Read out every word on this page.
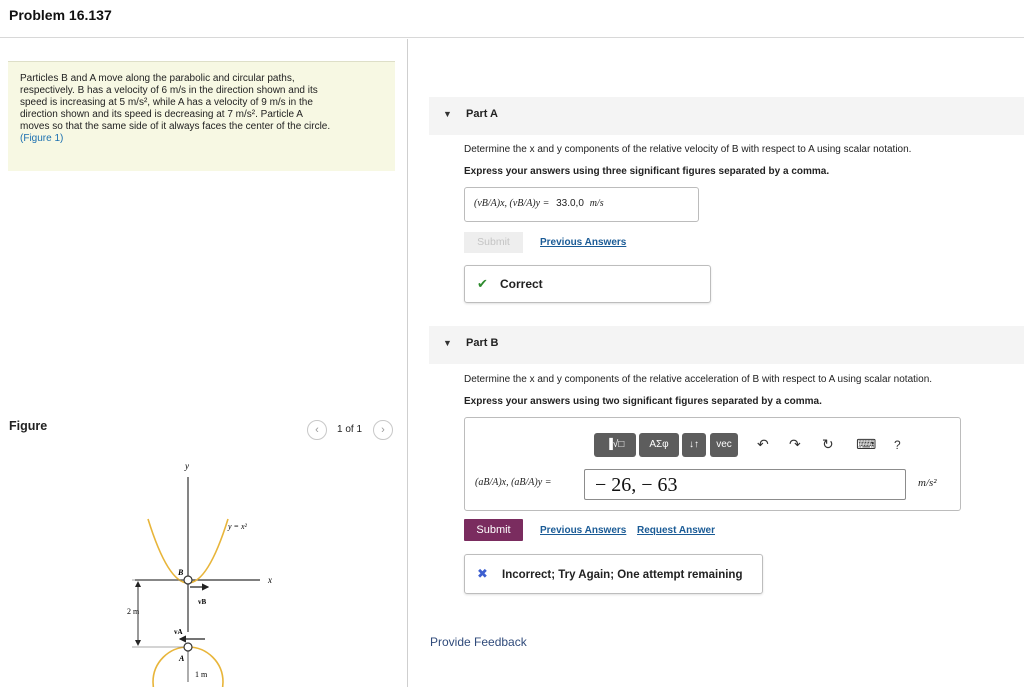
Problem 16.137
Particles B and A move along the parabolic and circular paths,
respectively. B has a velocity of 6 m/s in the direction shown and its
speed is increasing at 5 m/s², while A has a velocity of 9 m/s in the
direction shown and its speed is decreasing at 7 m/s². Particle A
moves so that the same side of it always faces the center of the circle.
(Figure 1)
Figure	‹	1 of 1	›
y
y = x²
x
B
vB
2 m
vA
A
1 m
▼ Part A
Determine the x and y components of the relative velocity of B with respect to A using scalar notation.
Express your answers using three significant figures separated by a comma.
(vB/A)x, (vB/A)y = 33.0,0 m/s
Submit	Previous Answers
✔ Correct
▼ Part B
Determine the x and y components of the relative acceleration of B with respect to A using scalar notation.
Express your answers using two significant figures separated by a comma.
▐√□	ΑΣφ	↓↑	vec	↶ ↷ ↻ ⌨ ?
(aB/A)x, (aB/A)y =	− 26, − 63	m/s²
Submit	Previous Answers Request Answer
✖ Incorrect; Try Again; One attempt remaining
Provide Feedback
